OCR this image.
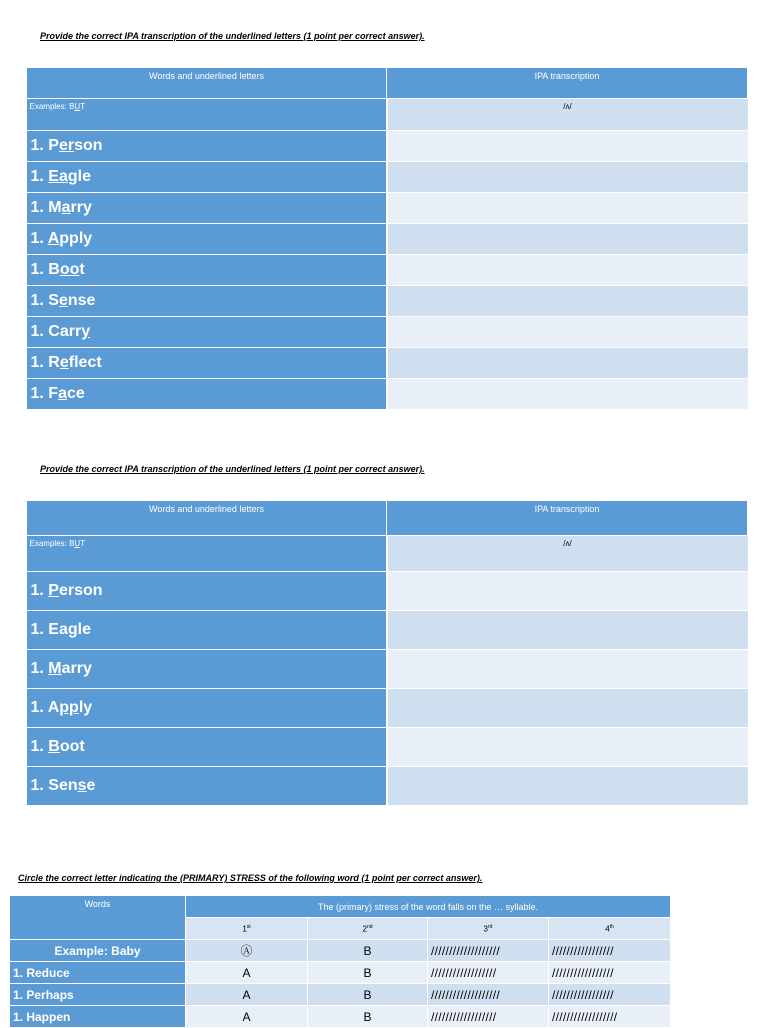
Provide the correct IPA transcription of the underlined letters (1 point per correct answer).
Words and underlined letters	IPA transcription
Examples: BUT	/ʌ/
1. Person	
1. Eagle	
1. Marry	
1. Apply	
1. Boot	
1. Sense	
1. Carry	
1. Reflect	
1. Face	
Provide the correct IPA transcription of the underlined letters (1 point per correct answer).
Words and underlined letters	IPA transcription
Examples: BUT	/ʌ/
1. Person	
1. Eagle	
1. Marry	
1. Apply	
1. Boot	
1. Sense	
Circle the correct letter indicating the (PRIMARY) STRESS of the following word (1 point per correct answer).
Words	The (primary) stress of the word falls on the … syllable.			
	1st	2nd	3rd	4th
Example: Baby	Ⓐ	B	///////////////////	/////////////////
1. Reduce	A	B	//////////////////	/////////////////
1. Perhaps	A	B	///////////////////	/////////////////
1. Happen	A	B	//////////////////	//////////////////
